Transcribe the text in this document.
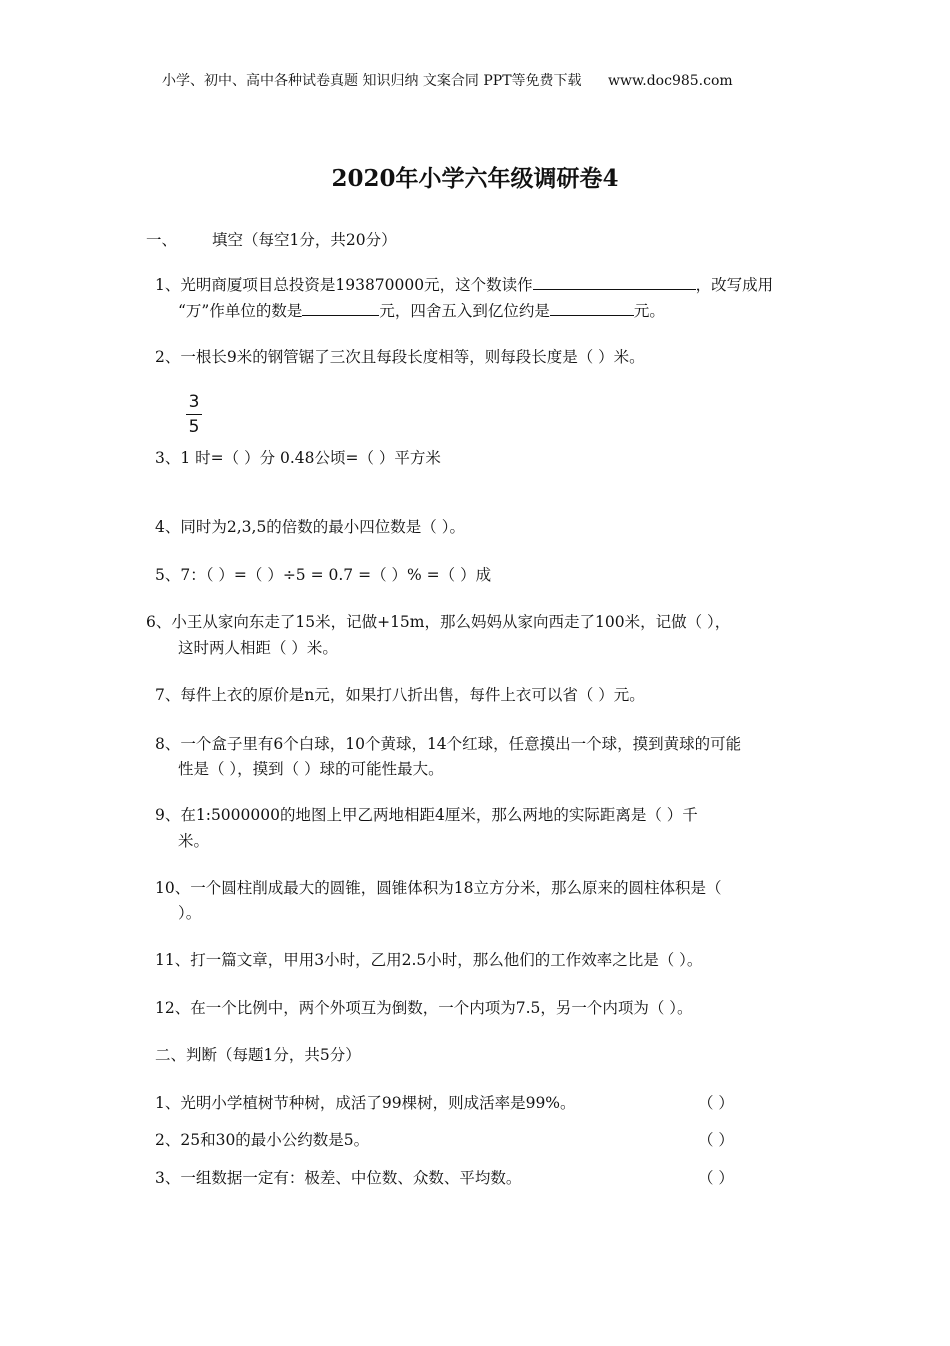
小学、初中、高中各种试卷真题 知识归纳 文案合同 PPT等免费下载 www.doc985.com
2020年小学六年级调研卷4
一、 填空（每空1分，共20分）
1、光明商厦项目总投资是193870000元，这个数读作	，改写成用
“万”作单位的数是	元，四舍五入到亿位约是	元。
2、一根长9米的钢管锯了三次且每段长度相等，则每段长度是（ ）米。
3
5
3、1 时=（ ）分 0.48公顷=（ ）平方米
4、同时为2,3,5的倍数的最小四位数是（ ）。
5、7：（ ）=（ ）÷5 = 0.7 =（ ）% =（ ）成
6、小王从家向东走了15米，记做+15m，那么妈妈从家向西走了100米，记做（ ），
这时两人相距（ ）米。
7、每件上衣的原价是n元，如果打八折出售，每件上衣可以省（ ）元。
8、一个盒子里有6个白球，10个黄球，14个红球，任意摸出一个球，摸到黄球的可能
性是（ ），摸到（ ）球的可能性最大。
9、在1:5000000的地图上甲乙两地相距4厘米，那么两地的实际距离是（ ）千
米。
10、一个圆柱削成最大的圆锥，圆锥体积为18立方分米，那么原来的圆柱体积是（
）。
11、打一篇文章，甲用3小时，乙用2.5小时，那么他们的工作效率之比是（ ）。
12、在一个比例中，两个外项互为倒数，一个内项为7.5，另一个内项为（ ）。
二、判断（每题1分，共5分）
1、光明小学植树节种树，成活了99棵树，则成活率是99%。	（ ）
2、25和30的最小公约数是5。	（ ）
3、一组数据一定有：极差、中位数、众数、平均数。	（ ）
